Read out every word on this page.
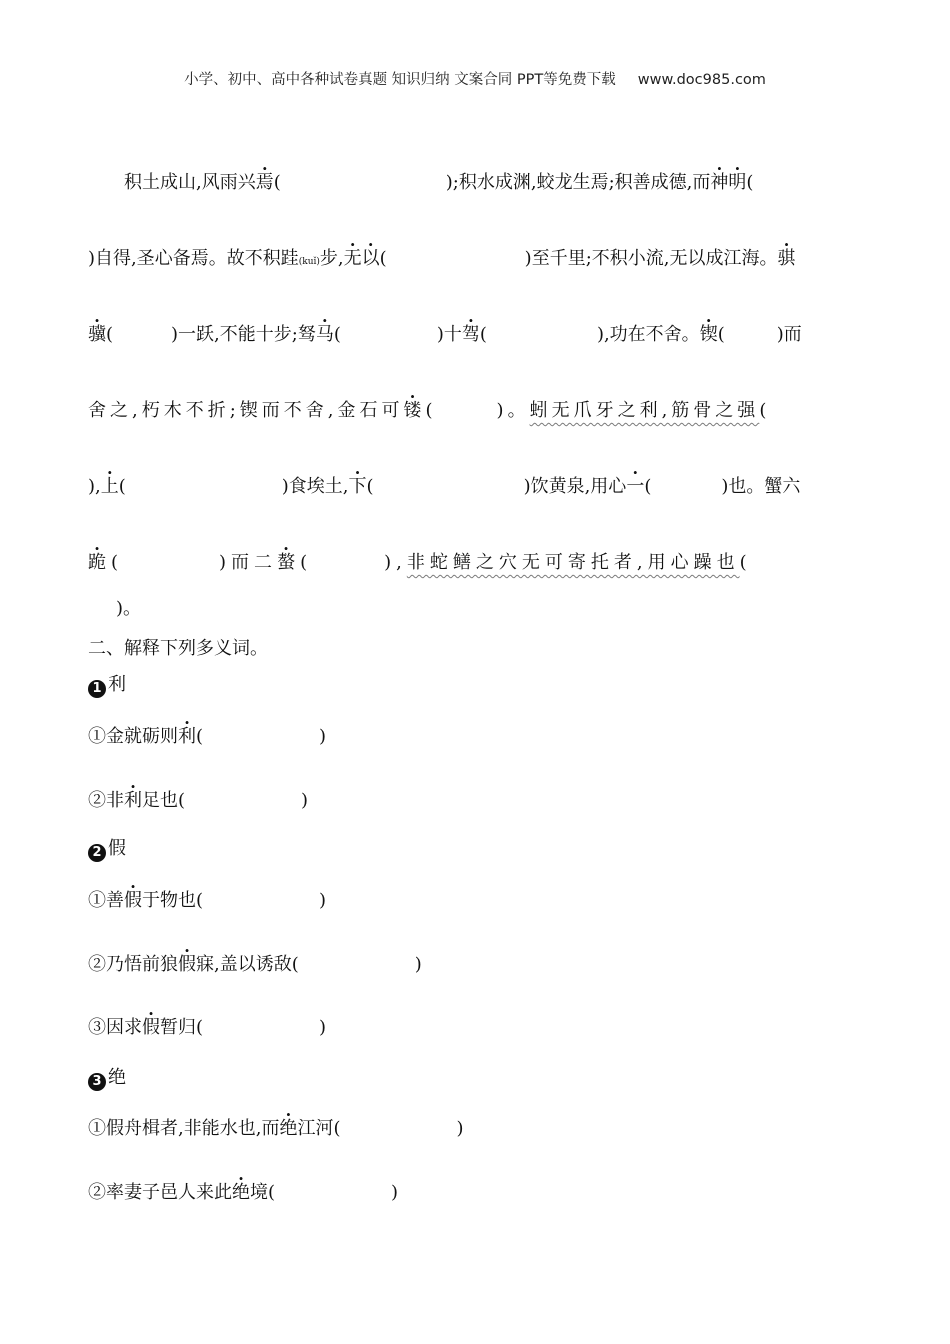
小学、初中、高中各种试卷真题 知识归纳 文案合同 PPT等免费下载 www.doc985.com
积土成山,风雨兴焉(	);积水成渊,蛟龙生焉;积善成德,而神明(
)自得,圣心备焉。故不积跬(kuǐ)步,无以(	)至千里;不积小流,无以成江海。骐
骥(	)一跃,不能十步;驽马(	)十驾(	),功在不舍。锲(	)而
舍之,朽木不折;锲而不舍,金石可镂(	)。蚓无爪牙之利,筋骨之强(
),上(	)食埃土,下(	)饮黄泉,用心一(	)也。蟹六
跪(	)而二螯(	),非蛇鳝之穴无可寄托者,用心躁也(
)。
二、解释下列多义词。
1 利
①金就砺则利(	)
②非利足也(	)
2 假
①善假于物也(	)
②乃悟前狼假寐,盖以诱敌(	)
③因求假暂归(	)
3 绝
①假舟楫者,非能水也,而绝江河(	)
②率妻子邑人来此绝境(	)
